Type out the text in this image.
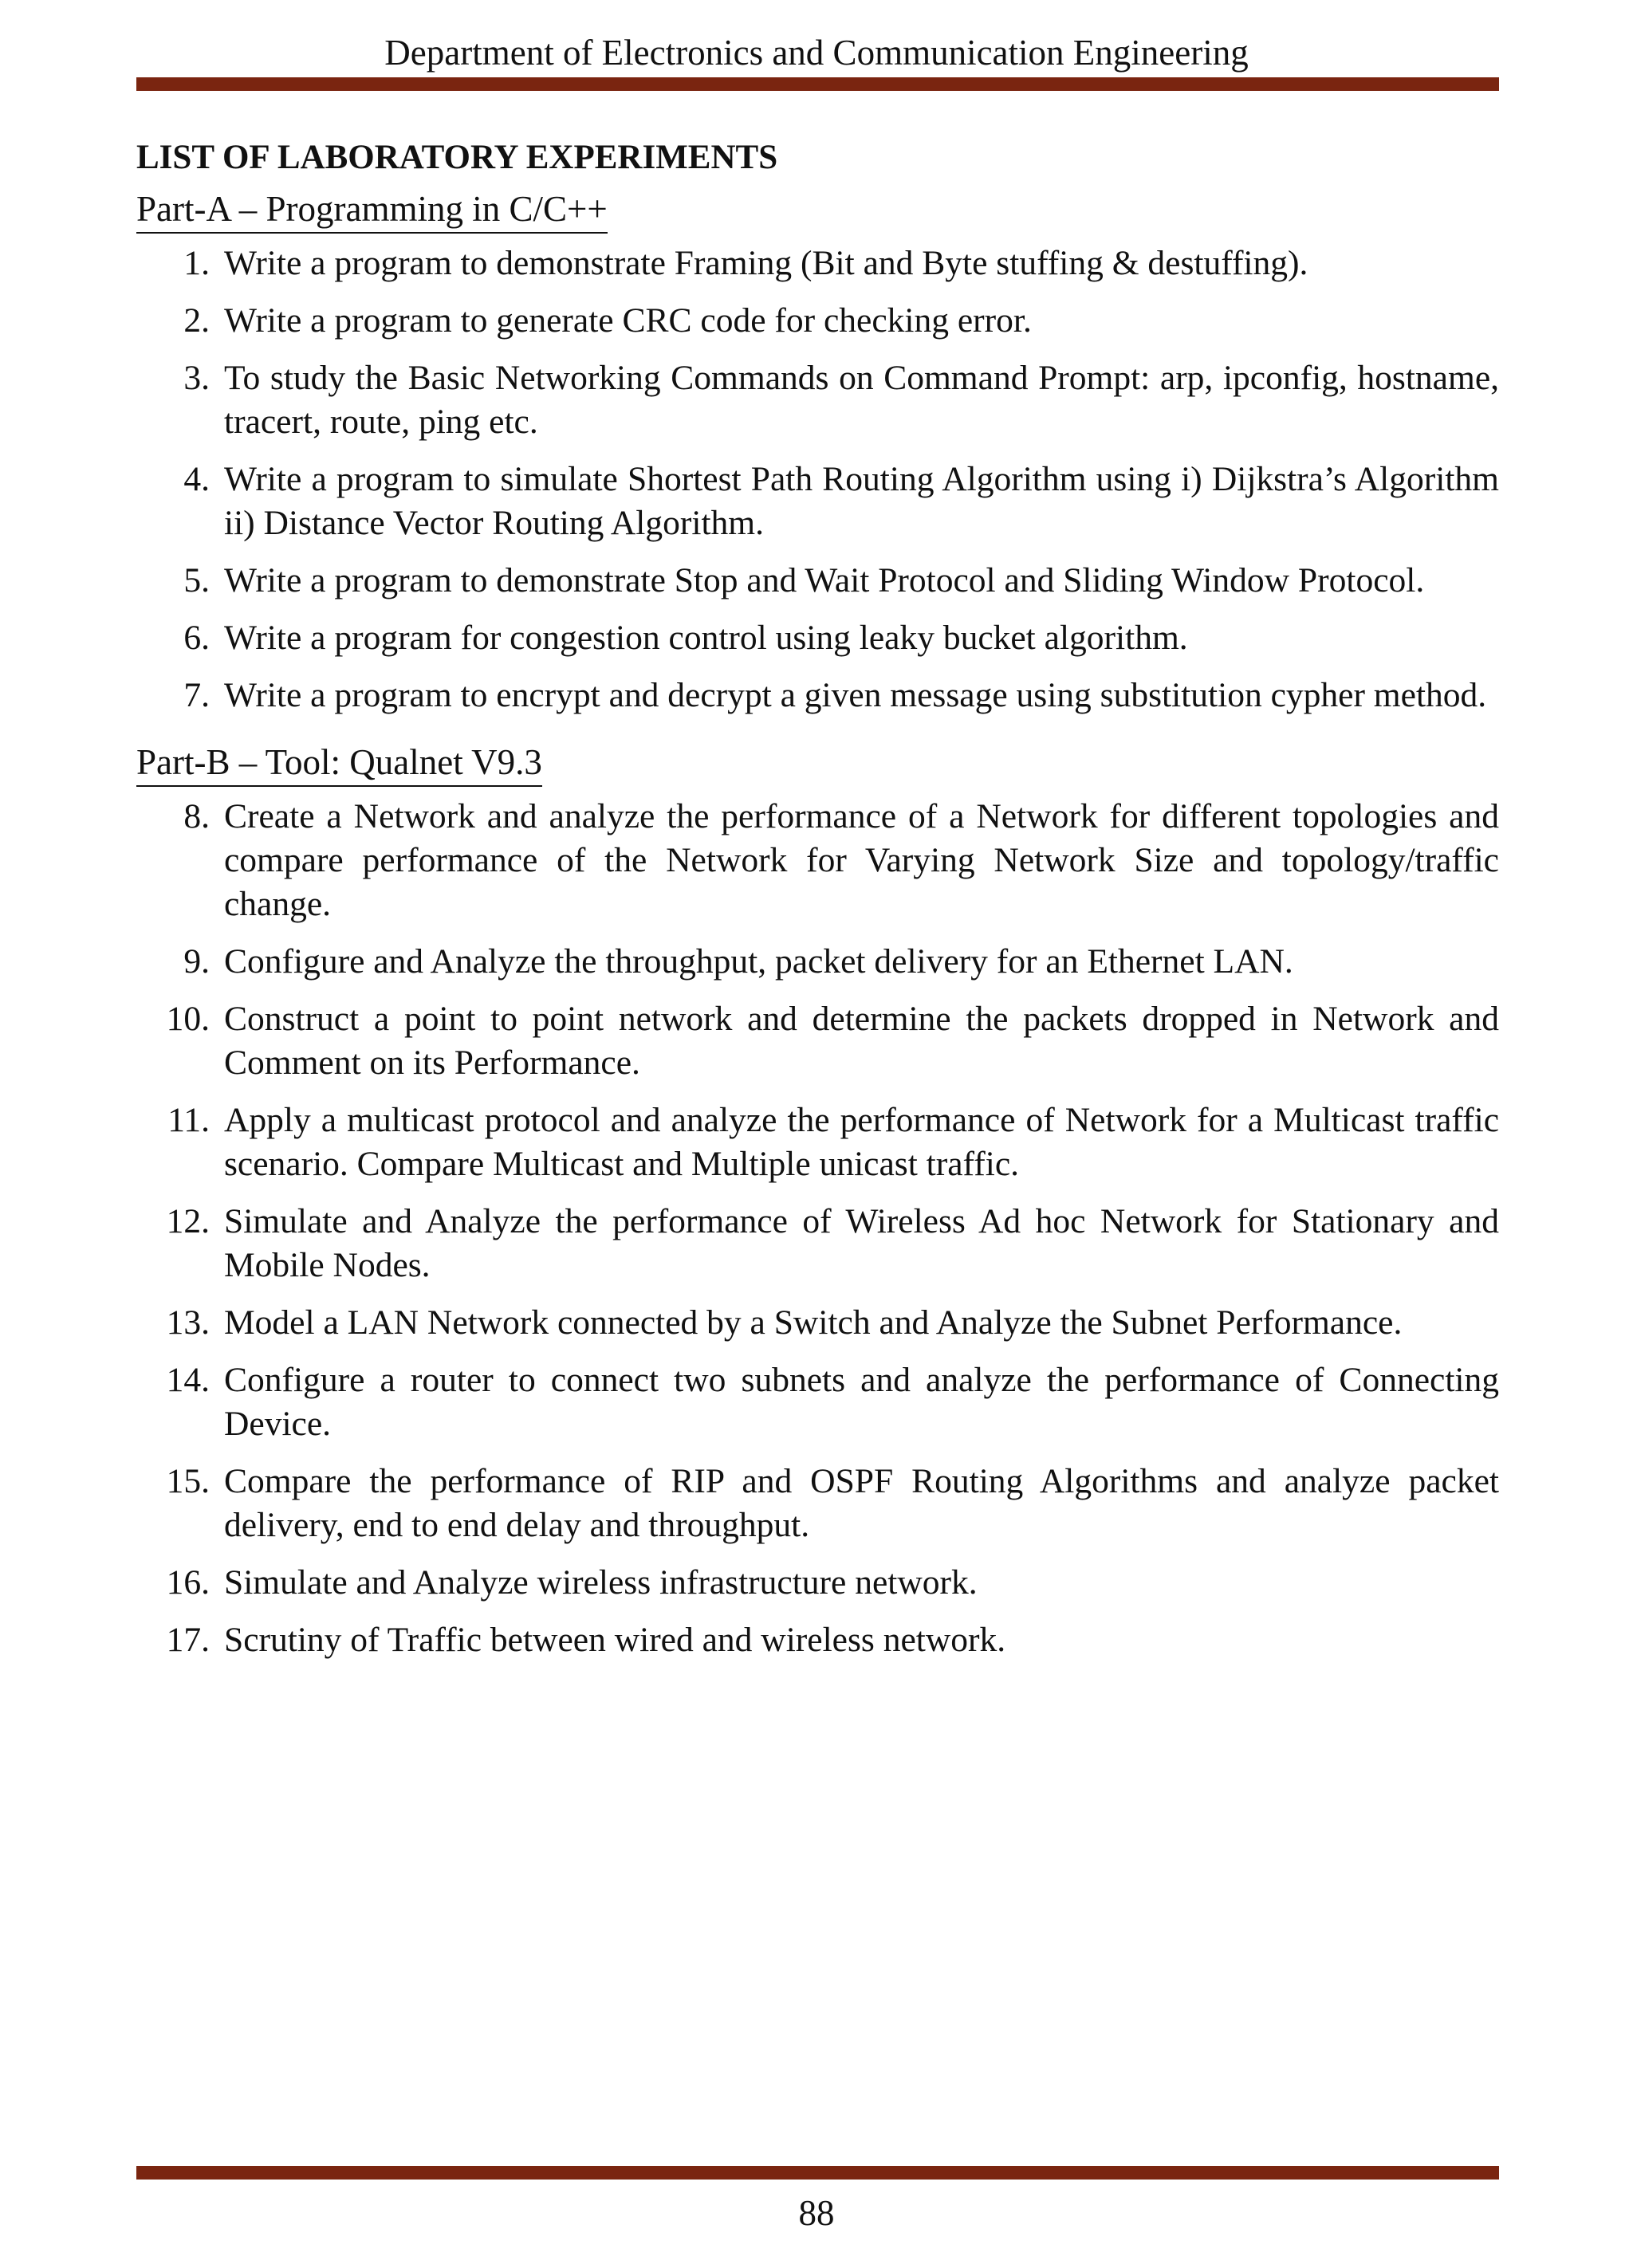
Department of Electronics and Communication Engineering
LIST OF LABORATORY EXPERIMENTS
Part-A – Programming in C/C++
1. Write a program to demonstrate Framing (Bit and Byte stuffing & destuffing).
2. Write a program to generate CRC code for checking error.
3. To study the Basic Networking Commands on Command Prompt: arp, ipconfig, hostname, tracert, route, ping etc.
4. Write a program to simulate Shortest Path Routing Algorithm using i) Dijkstra’s Algorithm ii) Distance Vector Routing Algorithm.
5. Write a program to demonstrate Stop and Wait Protocol and Sliding Window Protocol.
6. Write a program for congestion control using leaky bucket algorithm.
7. Write a program to encrypt and decrypt a given message using substitution cypher method.
Part-B – Tool: Qualnet V9.3
8. Create a Network and analyze the performance of a Network for different topologies and compare performance of the Network for Varying Network Size and topology/traffic change.
9. Configure and Analyze the throughput, packet delivery for an Ethernet LAN.
10. Construct a point to point network and determine the packets dropped in Network and Comment on its Performance.
11. Apply a multicast protocol and analyze the performance of Network for a Multicast traffic scenario. Compare Multicast and Multiple unicast traffic.
12. Simulate and Analyze the performance of Wireless Ad hoc Network for Stationary and Mobile Nodes.
13. Model a LAN Network connected by a Switch and Analyze the Subnet Performance.
14. Configure a router to connect two subnets and analyze the performance of Connecting Device.
15. Compare the performance of RIP and OSPF Routing Algorithms and analyze packet delivery, end to end delay and throughput.
16. Simulate and Analyze wireless infrastructure network.
17. Scrutiny of Traffic between wired and wireless network.
88
